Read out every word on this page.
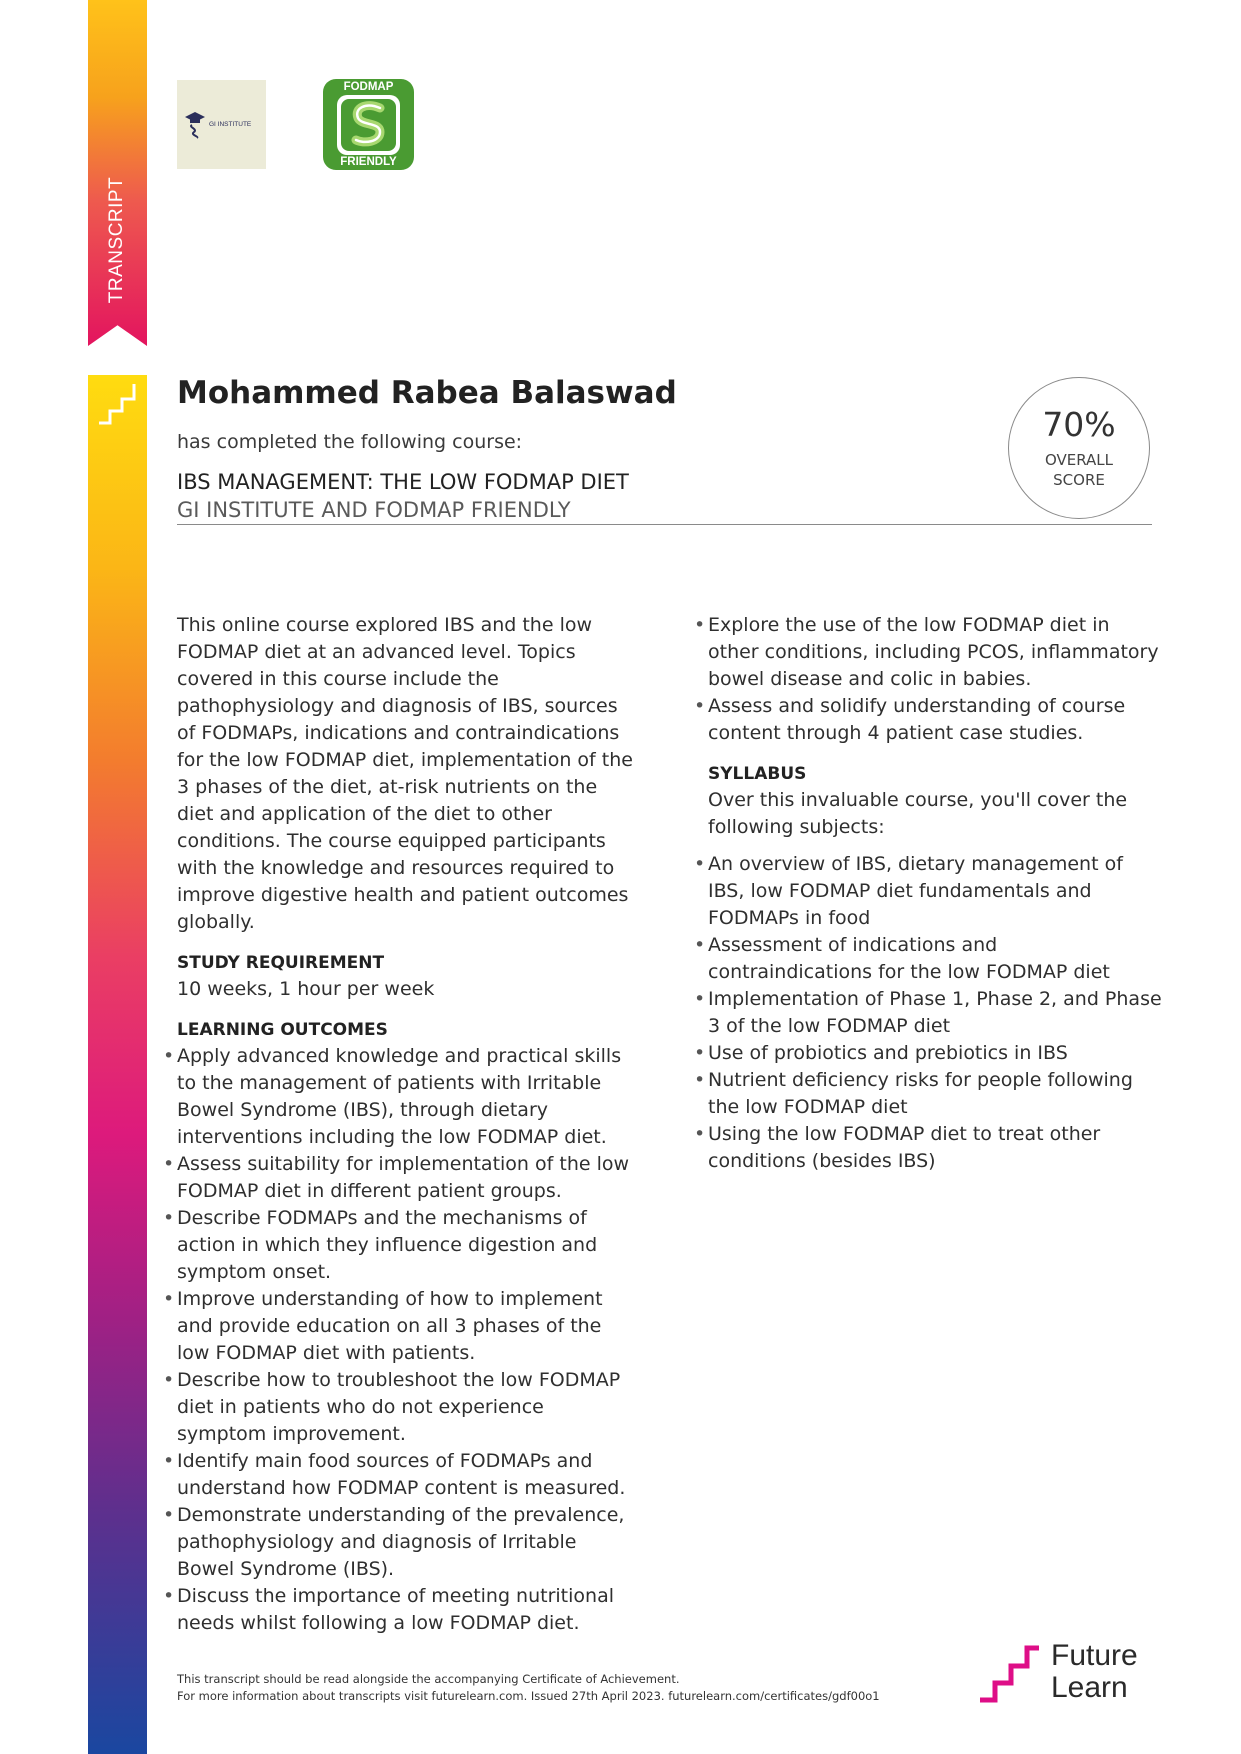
TRANSCRIPT
GI INSTITUTE
FODMAP
FRIENDLY
Mohammed Rabea Balaswad
has completed the following course:
IBS MANAGEMENT: THE LOW FODMAP DIET
GI INSTITUTE AND FODMAP FRIENDLY
70%
OVERALL
SCORE

This online course explored IBS and the low FODMAP diet at an advanced level. Topics covered in this course include the pathophysiology and diagnosis of IBS, sources of FODMAPs, indications and contraindications for the low FODMAP diet, implementation of the 3 phases of the diet, at-risk nutrients on the diet and application of the diet to other conditions. The course equipped participants with the knowledge and resources required to improve digestive health and patient outcomes globally.

STUDY REQUIREMENT

10 weeks, 1 hour per week

LEARNING OUTCOMES
• Apply advanced knowledge and practical skills to the management of patients with Irritable Bowel Syndrome (IBS), through dietary interventions including the low FODMAP diet.
• Assess suitability for implementation of the low FODMAP diet in different patient groups.
• Describe FODMAPs and the mechanisms of action in which they influence digestion and symptom onset.
• Improve understanding of how to implement and provide education on all 3 phases of the low FODMAP diet with patients.
• Describe how to troubleshoot the low FODMAP diet in patients who do not experience symptom improvement.
• Identify main food sources of FODMAPs and understand how FODMAP content is measured.
• Demonstrate understanding of the prevalence, pathophysiology and diagnosis of Irritable Bowel Syndrome (IBS).
• Discuss the importance of meeting nutritional needs whilst following a low FODMAP diet.
• Explore the use of the low FODMAP diet in other conditions, including PCOS, inflammatory bowel disease and colic in babies.
• Assess and solidify understanding of course content through 4 patient case studies.
SYLLABUS

Over this invaluable course, you'll cover the following subjects:

• An overview of IBS, dietary management of IBS, low FODMAP diet fundamentals and FODMAPs in food
• Assessment of indications and contraindications for the low FODMAP diet
• Implementation of Phase 1, Phase 2, and Phase 3 of the low FODMAP diet
• Use of probiotics and prebiotics in IBS
• Nutrient deficiency risks for people following the low FODMAP diet
• Using the low FODMAP diet to treat other conditions (besides IBS)
This transcript should be read alongside the accompanying Certificate of Achievement.
For more information about transcripts visit futurelearn.com. Issued 27th April 2023. futurelearn.com/certificates/gdf00o1
Future
Learn
